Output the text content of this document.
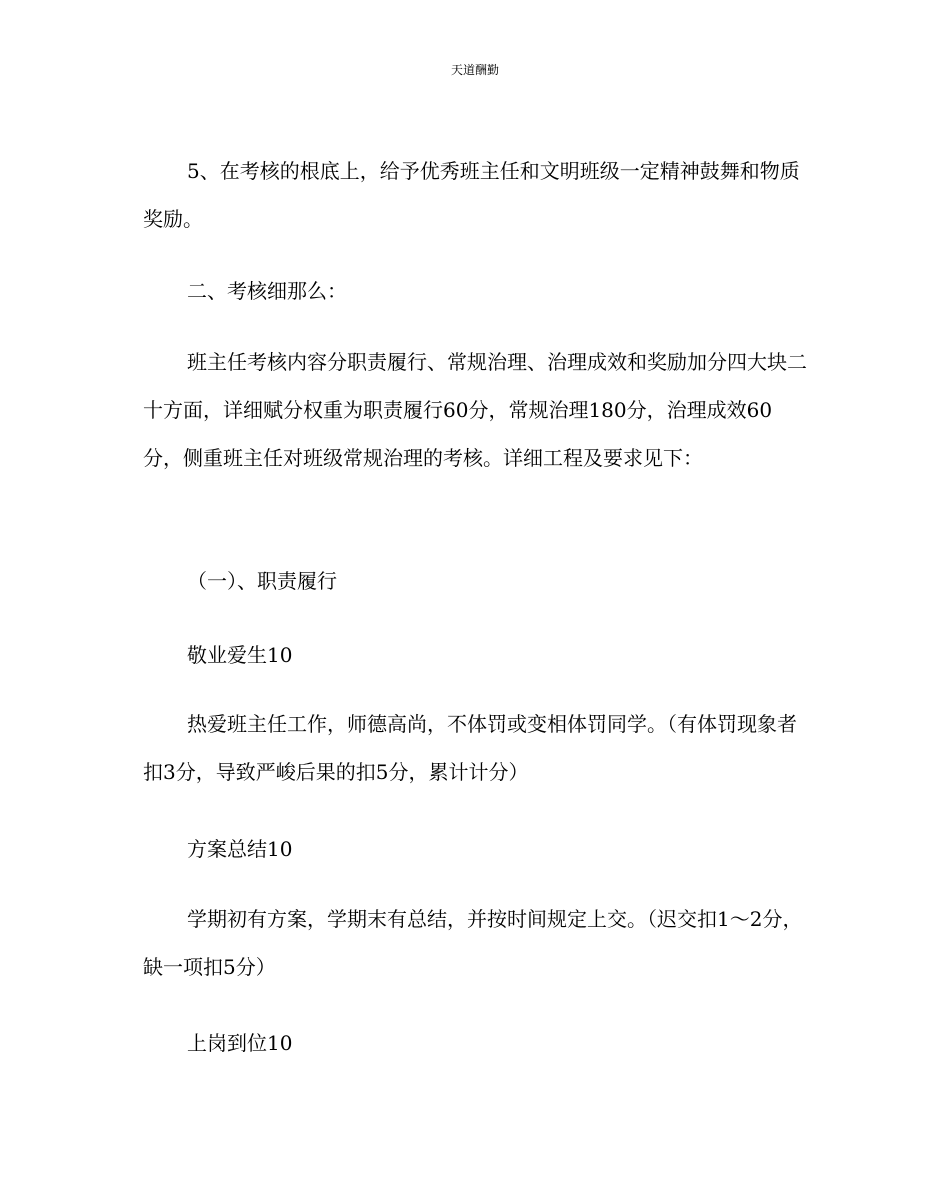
天道酬勤

5、在考核的根底上，给予优秀班主任和文明班级一定精神鼓舞和物质奖励。

二、考核细那么：

班主任考核内容分职责履行、常规治理、治理成效和奖励加分四大块二十方面，详细赋分权重为职责履行60分，常规治理180分，治理成效60分，侧重班主任对班级常规治理的考核。详细工程及要求见下：

（一）、职责履行

敬业爱生10

热爱班主任工作，师德高尚，不体罚或变相体罚同学。（有体罚现象者扣3分，导致严峻后果的扣5分，累计计分）

方案总结10

学期初有方案，学期末有总结，并按时间规定上交。（迟交扣1～2分，缺一项扣5分）

上岗到位10
